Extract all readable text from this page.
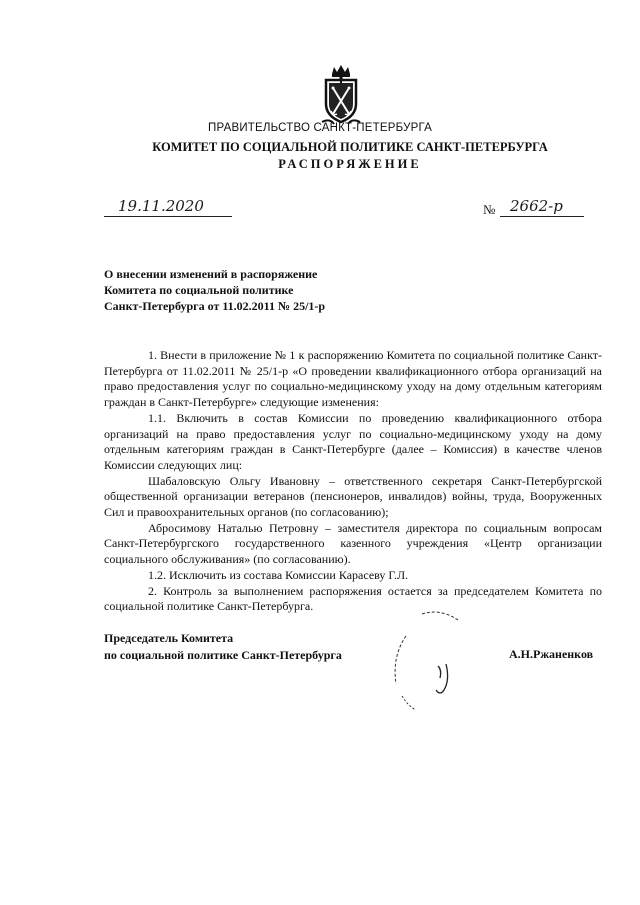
ПРАВИТЕЛЬСТВО САНКТ-ПЕТЕРБУРГА
КОМИТЕТ ПО СОЦИАЛЬНОЙ ПОЛИТИКЕ САНКТ-ПЕТЕРБУРГА
РАСПОРЯЖЕНИЕ
19.11.2020	№ 2662-р
О внесении изменений в распоряжение
Комитета по социальной политике
Санкт-Петербурга от 11.02.2011 № 25/1-р

1. Внести в приложение № 1 к распоряжению Комитета по социальной политике Санкт-Петербурга от 11.02.2011 № 25/1-р «О проведении квалификационного отбора организаций на право предоставления услуг по социально-медицинскому уходу на дому отдельным категориям граждан в Санкт-Петербурге» следующие изменения:

1.1. Включить в состав Комиссии по проведению квалификационного отбора организаций на право предоставления услуг по социально-медицинскому уходу на дому отдельным категориям граждан в Санкт-Петербурге (далее – Комиссия) в качестве членов Комиссии следующих лиц:

Шабаловскую Ольгу Ивановну – ответственного секретаря Санкт-Петербургской общественной организации ветеранов (пенсионеров, инвалидов) войны, труда, Вооруженных Сил и правоохранительных органов (по согласованию);

Абросимову Наталью Петровну – заместителя директора по социальным вопросам Санкт-Петербургского государственного казенного учреждения «Центр организации социального обслуживания» (по согласованию).

1.2. Исключить из состава Комиссии Карасеву Г.Л.

2. Контроль за выполнением распоряжения остается за председателем Комитета по социальной политике Санкт-Петербурга.

Председатель Комитета
по социальной политике Санкт-Петербурга	А.Н.Ржаненков
